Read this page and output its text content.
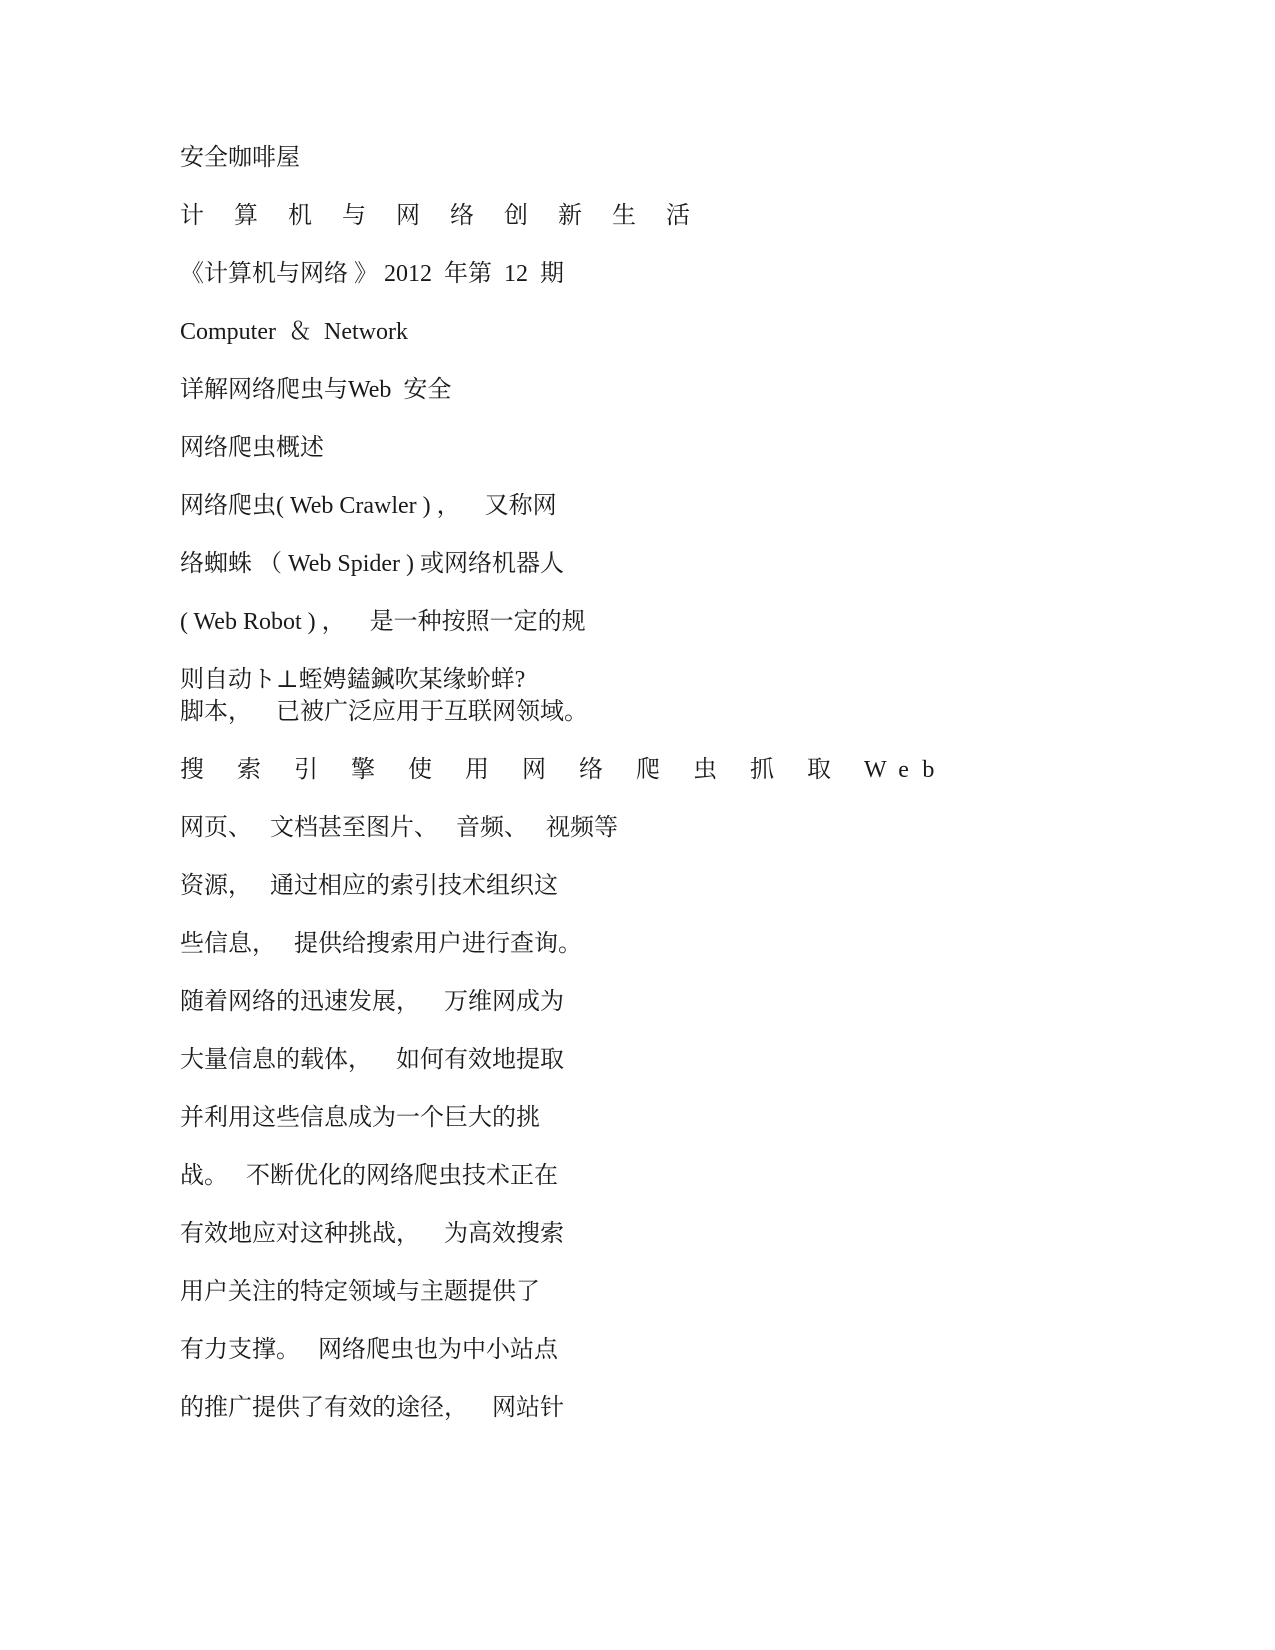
安全咖啡屋

计 算 机 与 网 络 创 新 生 活

《计算机与网络 》 2012  年第  12  期

Computer  ＆  Network

详解网络爬虫与Web  安全
网络爬虫概述

网络爬虫( Web Crawler ) ，    又称网

络蜘蛛 （ Web Spider ) 或网络机器人

( Web Robot ) ，    是一种按照一定的规

则自动ト⊥蛭娉鎑鍼吹某缘蚧蛘?

脚本，    已被广泛应用于互联网领域。

搜 索 引 擎 使 用 网 络 爬 虫 抓 取 Web

网页、   文档甚至图片、   音频、   视频等

资源，   通过相应的索引技术组织这

些信息，   提供给搜索用户进行查询。

随着网络的迅速发展，    万维网成为

大量信息的载体，    如何有效地提取

并利用这些信息成为一个巨大的挑

战。   不断优化的网络爬虫技术正在

有效地应对这种挑战，    为高效搜索

用户关注的特定领域与主题提供了

有力支撑。   网络爬虫也为中小站点

的推广提供了有效的途径，    网站针
